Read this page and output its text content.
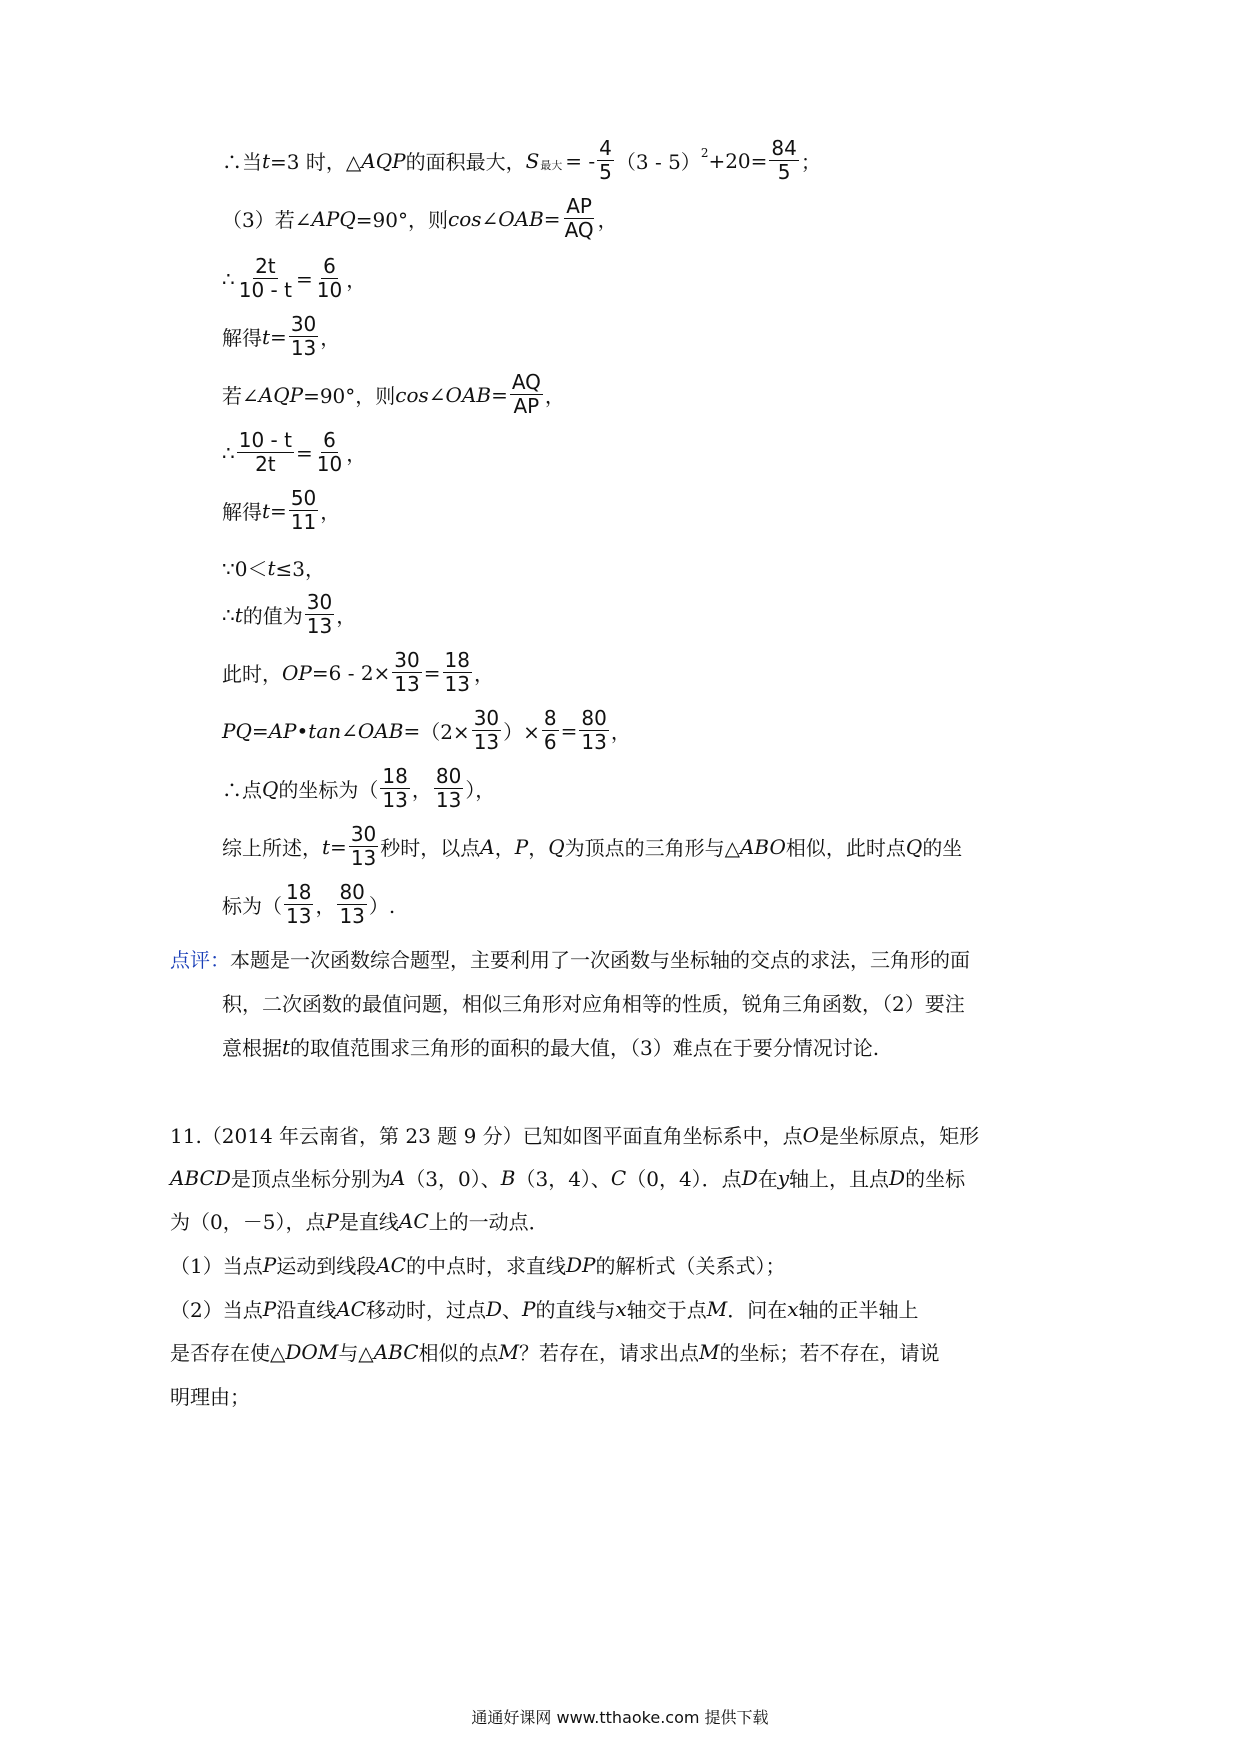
∴当 t =3 时，△ AQP 的面积最大， S 最大 = - $\frac{4}{5} (3 - 5)$ $2 +20= \frac{84}{5}$ ；
（3）若∠ APQ =90°，则 cos∠OAB= $\frac{AP}{AQ}$ ，
∴ $\frac{2t}{10 - t} = \frac{6}{10}$ ，
解得 $t = \frac{30}{13}$ ，
若∠ AQP =90°，则 cos∠OAB= $\frac{AQ}{AP}$ ，
∴ $\frac{10 - t}{2t} = \frac{6}{10}$ ，
解得 $t = \frac{50}{11}$ ，
∵0＜ t ≤3，
∴ t 的值为 $\frac{30}{13}$ ，
此时， OP $=6 - 2\times \frac{30}{13} = \frac{18}{13}$ ，
PQ=AP•tan∠OAB= （$2\times \frac{30}{13}$ ）× $\frac{8}{6} = \frac{80}{13}$ ，
∴点 Q 的坐标为（ $\frac{18}{13}$ ， $\frac{80}{13}$ ），
综上所述， $t = \frac{30}{13}$ 秒时，以点 A ， P ， Q 为顶点的三角形与△ ABO 相似，此时点 Q 的坐
标为（ $\frac{18}{13}$ ， $\frac{80}{13}$ ）.
点评： 本题是一次函数综合题型，主要利用了一次函数与坐标轴的交点的求法，三角形的面
积，二次函数的最值问题，相似三角形对应角相等的性质，锐角三角函数，（2）要注
意根据 t 的取值范围求三角形的面积的最大值，（3）难点在于要分情况讨论.
11.（2014 年云南省，第 23 题 9 分）已知如图平面直角坐标系中，点 O 是坐标原点，矩形
ABCD 是顶点坐标分别为 A （3，0）、 B （3，4）、 C （0，4）．点 D 在 y 轴上，且点 D 的坐标
为（0，－5），点 P 是直线 AC 上的一动点．
（1）当点 P 运动到线段 AC 的中点时，求直线 DP 的解析式（关系式）；
（2）当点 P 沿直线 AC 移动时，过点 D 、 P 的直线与 x 轴交于点 M ．问在 x 轴的正半轴上
是否存在使△ DOM 与△ ABC 相似的点 M ？若存在，请求出点 M 的坐标；若不存在，请说
明理由；
通通好课网 www.tthaoke.com 提供下载
